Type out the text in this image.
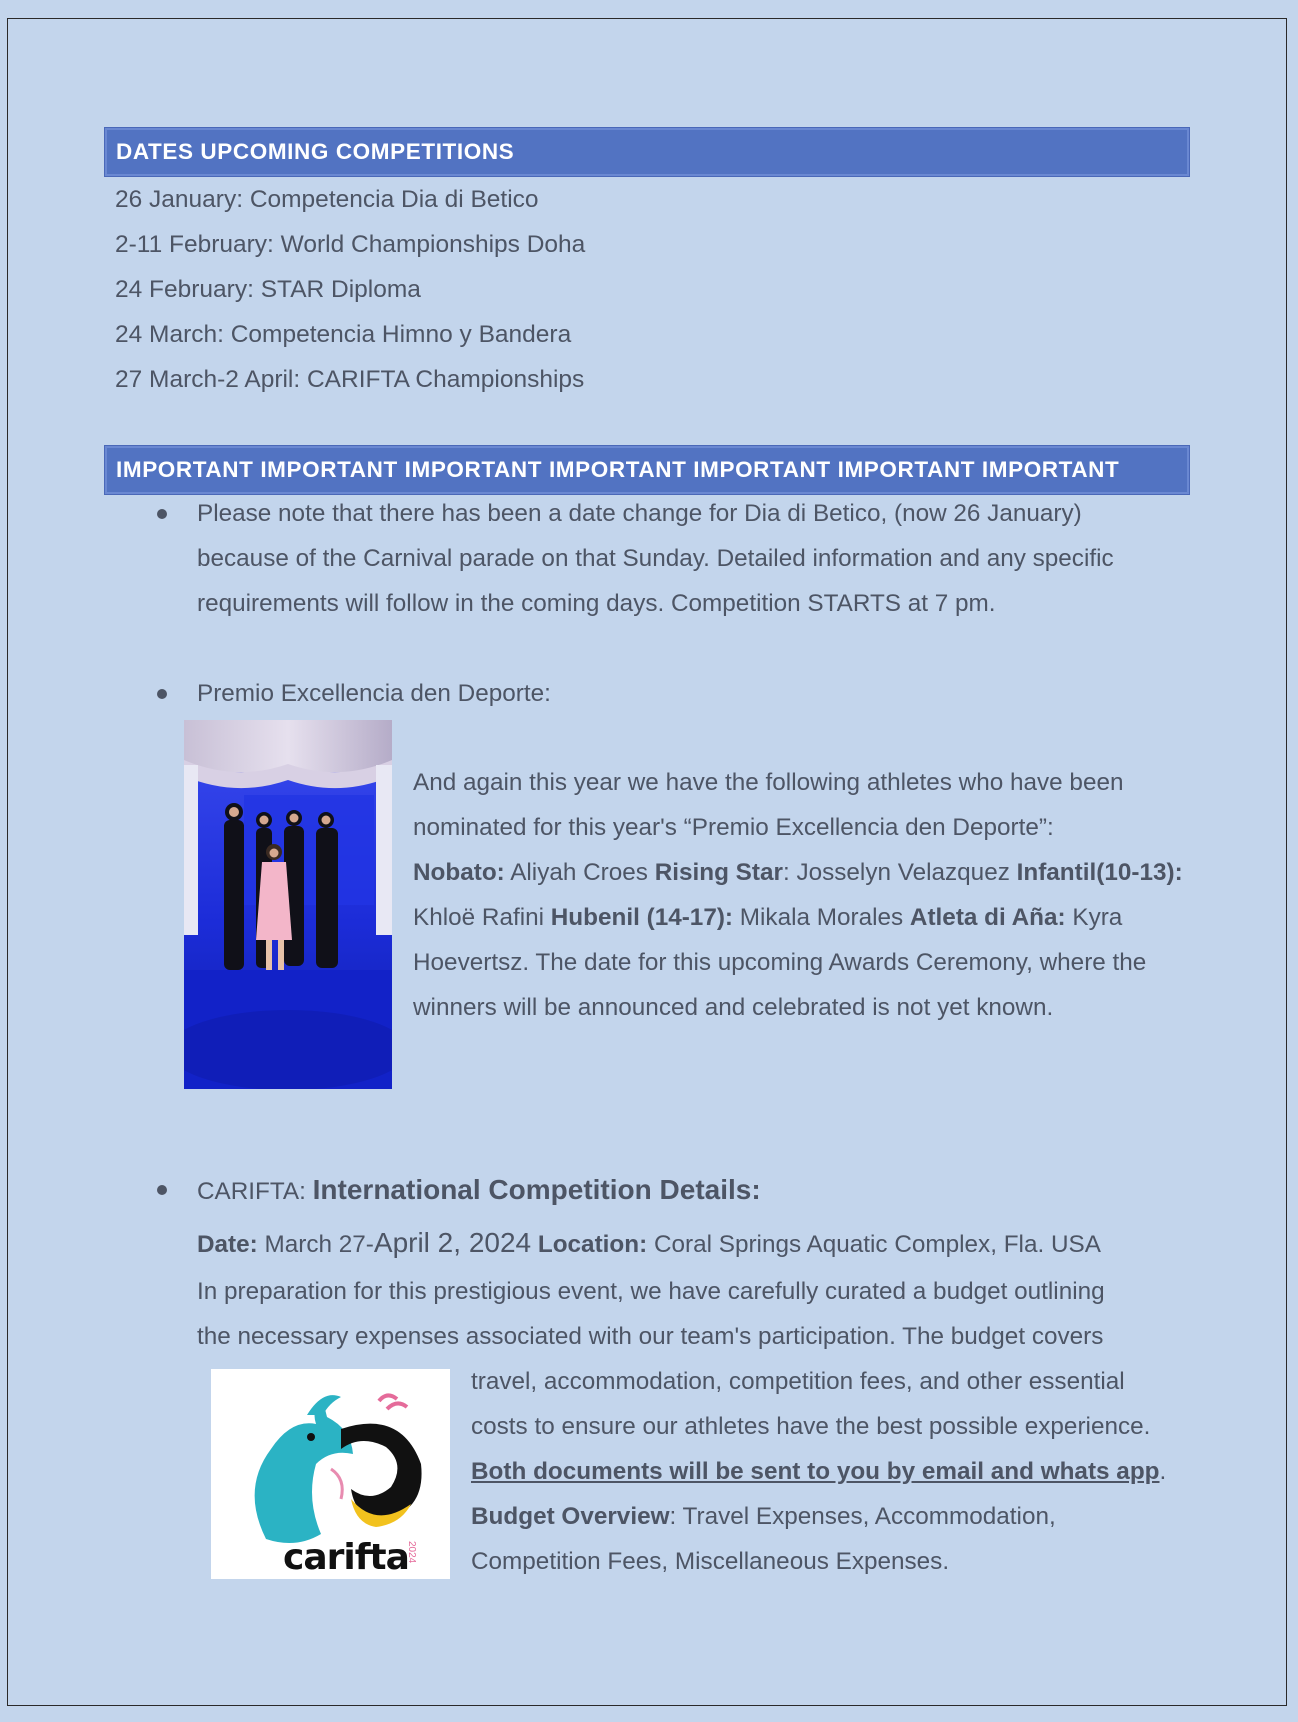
DATES UPCOMING COMPETITIONS
26 January: Competencia Dia di Betico
2-11 February: World Championships Doha
24 February: STAR Diploma
24 March: Competencia Himno y Bandera
27 March-2 April: CARIFTA Championships
IMPORTANT IMPORTANT IMPORTANT IMPORTANT IMPORTANT IMPORTANT IMPORTANT
Please note that there has been a date change for Dia di Betico, (now 26 January)
because of the Carnival parade on that Sunday. Detailed information and any specific
requirements will follow in the coming days. Competition STARTS at 7 pm.
Premio Excellencia den Deporte:
And again this year we have the following athletes who have been
nominated for this year's “Premio Excellencia den Deporte”:
Nobato: Aliyah Croes Rising Star: Josselyn Velazquez Infantil(10-13):
Khloë Rafini Hubenil (14-17): Mikala Morales Atleta di Aña: Kyra
Hoevertsz. The date for this upcoming Awards Ceremony, where the
winners will be announced and celebrated is not yet known.
CARIFTA: International Competition Details:
Date: March 27-April 2, 2024 Location: Coral Springs Aquatic Complex, Fla. USA
In preparation for this prestigious event, we have carefully curated a budget outlining
the necessary expenses associated with our team's participation. The budget covers
carifta
2024
travel, accommodation, competition fees, and other essential
costs to ensure our athletes have the best possible experience.
Both documents will be sent to you by email and whats app.
Budget Overview: Travel Expenses, Accommodation,
Competition Fees, Miscellaneous Expenses.
